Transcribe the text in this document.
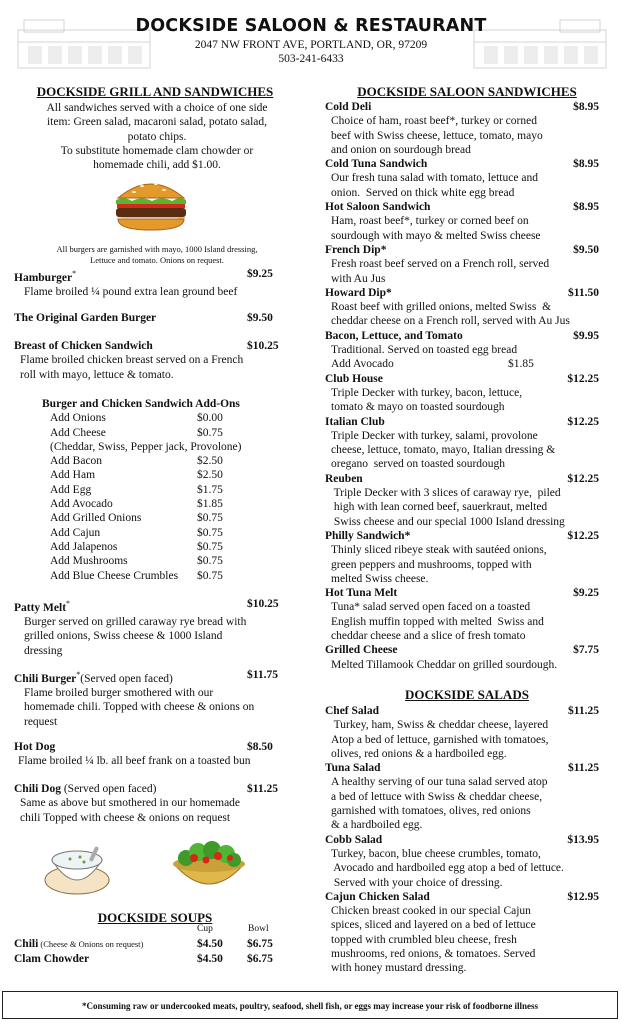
DOCKSIDE SALOON & RESTAURANT
2047 NW FRONT AVE, PORTLAND, OR, 97209
503-241-6433
DOCKSIDE GRILL AND SANDWICHES
All sandwiches served with a choice of one side
item: Green salad, macaroni salad, potato salad,
potato chips.
To substitute homemade clam chowder or
homemade chili, add $1.00.
All burgers are garnished with mayo, 1000 Island dressing,
Lettuce and tomato. Onions on request.
Hamburger*	$9.25
Flame broiled ¼ pound extra lean ground beef
The Original Garden Burger	$9.50
Breast of Chicken Sandwich	$10.25
Flame broiled chicken breast served on a French
roll with mayo, lettuce & tomato.
Burger and Chicken Sandwich Add-Ons
Add Onions	$0.00
Add Cheese	$0.75
(Cheddar, Swiss, Pepper jack, Provolone)
Add Bacon	$2.50
Add Ham	$2.50
Add Egg	$1.75
Add Avocado	$1.85
Add Grilled Onions	$0.75
Add Cajun	$0.75
Add Jalapenos	$0.75
Add Mushrooms	$0.75
Add Blue Cheese Crumbles $0.75
Patty Melt*	$10.25
Burger served on grilled caraway rye bread with
grilled onions, Swiss cheese & 1000 Island
dressing
Chili Burger*(Served open faced)	$11.75
Flame broiled burger smothered with our
homemade chili. Topped with cheese & onions on
request
Hot Dog	$8.50
Flame broiled ¼ lb. all beef frank on a toasted bun
Chili Dog (Served open faced)	$11.25
Same as above but smothered in our homemade
chili Topped with cheese & onions on request
DOCKSIDE SOUPS
Cup	Bowl
Chili (Cheese & Onions on request)	$4.50 $6.75
Clam Chowder	$4.50 $6.75
DOCKSIDE SALOON SANDWICHES
Cold Deli	$8.95
Choice of ham, roast beef*, turkey or corned
beef with Swiss cheese, lettuce, tomato, mayo
and onion on sourdough bread
Cold Tuna Sandwich	$8.95
Our fresh tuna salad with tomato, lettuce and
onion.  Served on thick white egg bread
Hot Saloon Sandwich	$8.95
Ham, roast beef*, turkey or corned beef on
sourdough with mayo & melted Swiss cheese
French Dip*	$9.50
Fresh roast beef served on a French roll, served
with Au Jus
Howard Dip*	$11.50
Roast beef with grilled onions, melted Swiss  &
cheddar cheese on a French roll, served with Au Jus
Bacon, Lettuce, and Tomato	$9.95
Traditional. Served on toasted egg bread
Add Avocado	$1.85
Club House	$12.25
Triple Decker with turkey, bacon, lettuce,
tomato & mayo on toasted sourdough
Italian Club	$12.25
Triple Decker with turkey, salami, provolone
cheese, lettuce, tomato, mayo, Italian dressing &
oregano  served on toasted sourdough
Reuben	$12.25
Triple Decker with 3 slices of caraway rye,  piled
high with lean corned beef, sauerkraut, melted
Swiss cheese and our special 1000 Island dressing
Philly Sandwich*	$12.25
Thinly sliced ribeye steak with sautéed onions,
green peppers and mushrooms, topped with
melted Swiss cheese.
Hot Tuna Melt	$9.25
Tuna* salad served open faced on a toasted
English muffin topped with melted  Swiss and
cheddar cheese and a slice of fresh tomato
Grilled Cheese	$7.75
Melted Tillamook Cheddar on grilled sourdough.
DOCKSIDE SALADS
Chef Salad	$11.25
Turkey, ham, Swiss & cheddar cheese, layered
Atop a bed of lettuce, garnished with tomatoes,
olives, red onions & a hardboiled egg.
Tuna Salad	$11.25
A healthy serving of our tuna salad served atop
a bed of lettuce with Swiss & cheddar cheese,
garnished with tomatoes, olives, red onions
& a hardboiled egg.
Cobb Salad	$13.95
Turkey, bacon, blue cheese crumbles, tomato,
Avocado and hardboiled egg atop a bed of lettuce.
Served with your choice of dressing.
Cajun Chicken Salad	$12.95
Chicken breast cooked in our special Cajun
spices, sliced and layered on a bed of lettuce
topped with crumbled bleu cheese, fresh
mushrooms, red onions, & tomatoes. Served
with honey mustard dressing.
*Consuming raw or undercooked meats, poultry, seafood, shell fish, or eggs may increase your risk of foodborne illness
